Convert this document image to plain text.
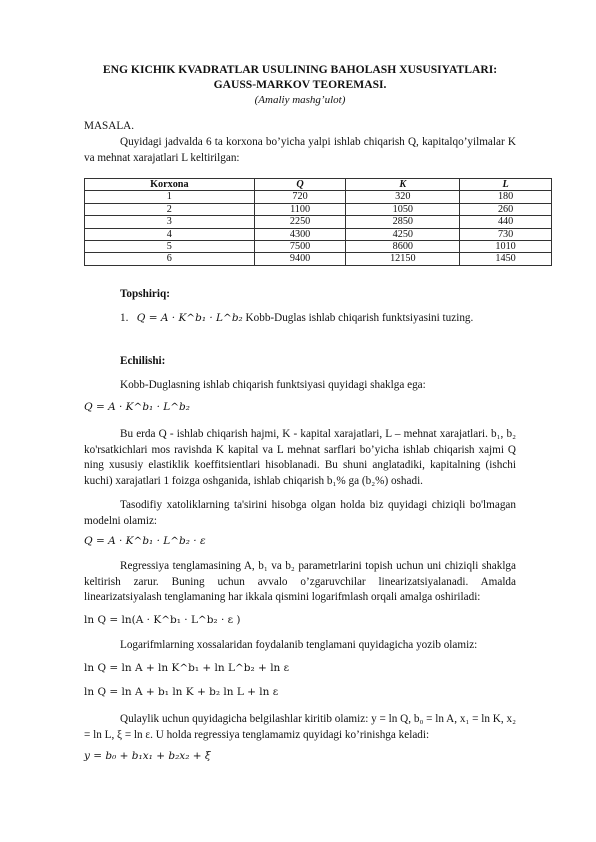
ENG KICHIK KVADRATLAR USULINING BAHOLASH XUSUSIYATLARI: GAUSS-MARKOV TEOREMASI.
(Amaliy mashg’ulot)
MASALA.
Quyidagi jadvalda 6 ta korxona bo’yicha yalpi ishlab chiqarish Q, kapitalqo’yilmalar K va mehnat xarajatlari L keltirilgan:
Korxona	Q	K	L
1	720	320	180
2	1100	1050	260
3	2250	2850	440
4	4300	4250	730
5	7500	8600	1010
6	9400	12150	1450
Topshiriq:
1. Q = A · K^b₁ · L^b₂ Kobb-Duglas ishlab chiqarish funktsiyasini tuzing.
Echilishi:
Kobb-Duglasning ishlab chiqarish funktsiyasi quyidagi shaklga ega:
Q = A · K^b₁ · L^b₂
Bu erda Q - ishlab chiqarish hajmi, K - kapital xarajatlari, L – mehnat xarajatlari. b₁, b₂ ko'rsatkichlari mos ravishda K kapital va L mehnat sarflari bo’yicha ishlab chiqarish xajmi Q ning xususiy elastiklik koeffitsientlari hisoblanadi. Bu shuni anglatadiki, kapitalning (ishchi kuchi) xarajatlari 1 foizga oshganida, ishlab chiqarish b₁% ga (b₂%) oshadi.
Tasodifiy xatoliklarning ta'sirini hisobga olgan holda biz quyidagi chiziqli bo'lmagan modelni olamiz:
Q = A · K^b₁ · L^b₂ · ε
Regressiya tenglamasining A, b₁ va b₂ parametrlarini topish uchun uni chiziqli shaklga keltirish zarur. Buning uchun avvalo o’zgaruvchilar linearizatsiyalanadi. Amalda linearizatsiyalash tenglamaning har ikkala qismini logarifmlash orqali amalga oshiriladi:
ln Q = ln(A · K^b₁ · L^b₂ · ε )
Logarifmlarning xossalaridan foydalanib tenglamani quyidagicha yozib olamiz:
ln Q = ln A + ln K^b₁ + ln L^b₂ + ln ε
ln Q = ln A + b₁ ln K + b₂ ln L + ln ε
Qulaylik uchun quyidagicha belgilashlar kiritib olamiz: y = ln Q, b₀ = ln A, x₁ = ln K, x₂ = ln L, ξ = ln ε. U holda regressiya tenglamamiz quyidagi ko’rinishga keladi:
y = b₀ + b₁x₁ + b₂x₂ + ξ
